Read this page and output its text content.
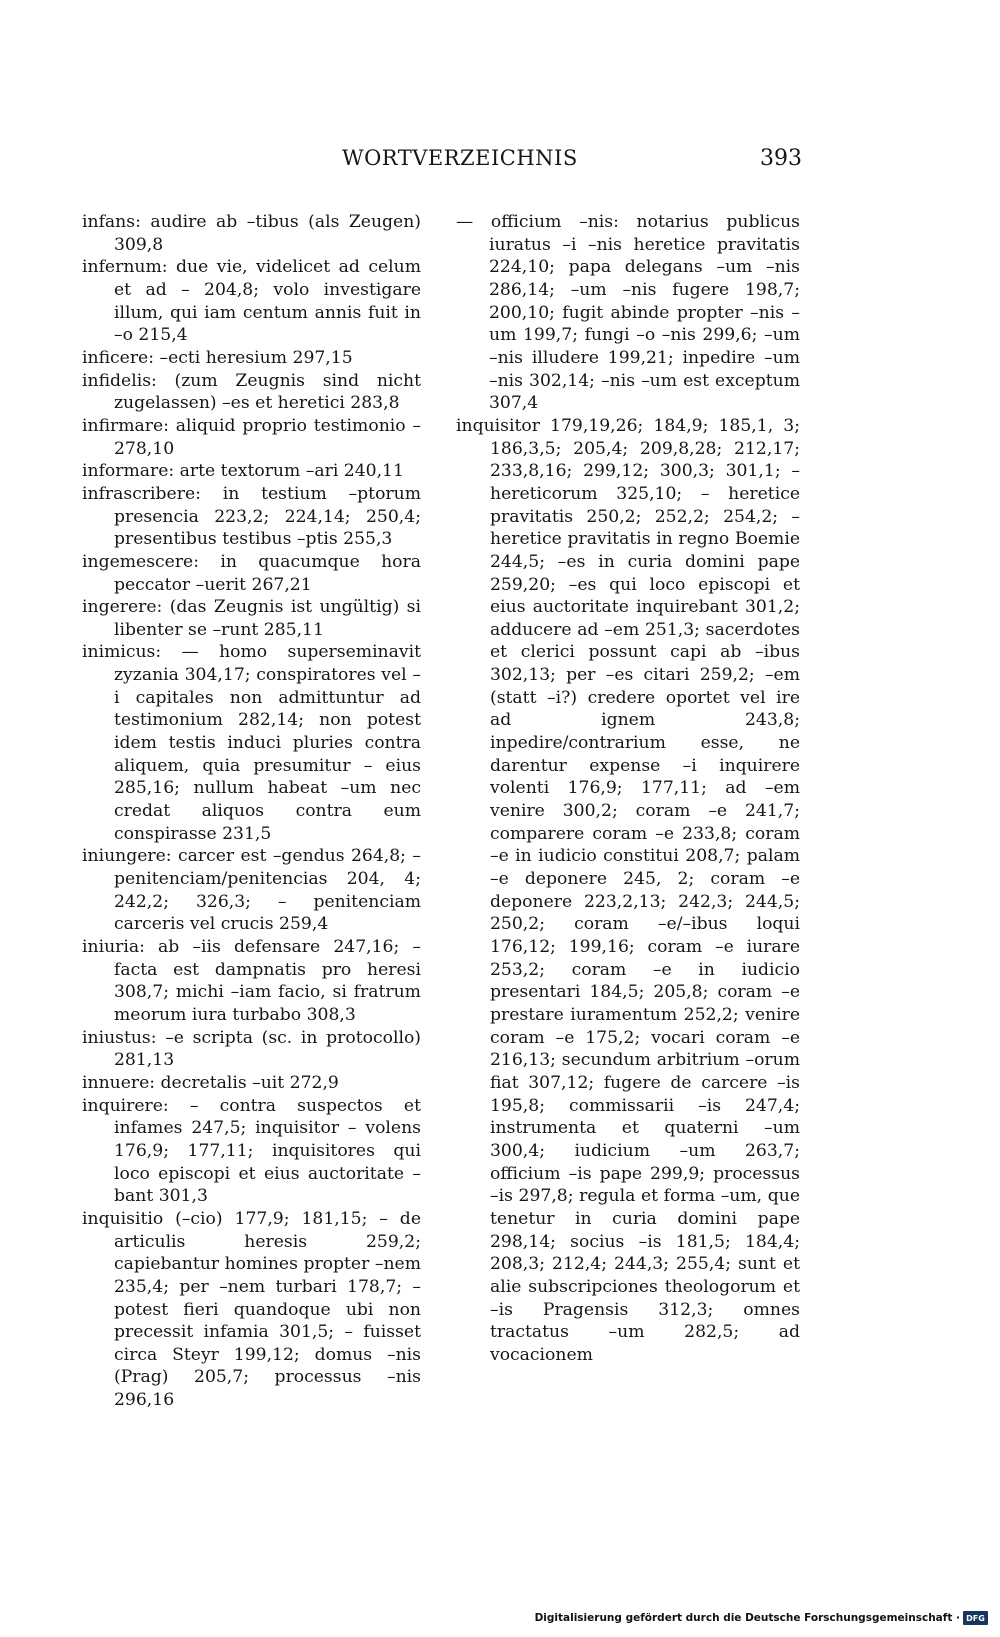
WORTVERZEICHNIS	393

infans: audire ab –tibus (als Zeugen) 309,8

infernum: due vie, videlicet ad celum et ad – 204,8; volo investigare illum, qui iam centum annis fuit in –o 215,4

inficere: –ecti heresium 297,15

infidelis: (zum Zeugnis sind nicht zugelassen) –es et heretici 283,8

infirmare: aliquid proprio testimonio – 278,10

informare: arte textorum –ari 240,11

infrascribere: in testium –ptorum presencia 223,2; 224,14; 250,4; presentibus testibus –ptis 255,3

ingemescere: in quacumque hora peccator –uerit 267,21

ingerere: (das Zeugnis ist ungültig) si libenter se –runt 285,11

inimicus: — homo superseminavit zyzania 304,17; conspiratores vel –i capitales non admittuntur ad testimonium 282,14; non potest idem testis induci pluries contra aliquem, quia presumitur – eius 285,16; nullum habeat –um nec credat aliquos contra eum conspirasse 231,5

iniungere: carcer est –gendus 264,8; – penitenciam/penitencias 204, 4; 242,2; 326,3; – penitenciam carceris vel crucis 259,4

iniuria: ab –iis defensare 247,16; – facta est dampnatis pro heresi 308,7; michi –iam facio, si fratrum meorum iura turbabo 308,3

iniustus: –e scripta (sc. in protocollo) 281,13

innuere: decretalis –uit 272,9

inquirere: – contra suspectos et infames 247,5; inquisitor – volens 176,9; 177,11; inquisitores qui loco episcopi et eius auctoritate –bant 301,3

inquisitio (–cio) 177,9; 181,15; – de articulis heresis 259,2; capiebantur homines propter –nem 235,4; per –nem turbari 178,7; – potest fieri quandoque ubi non precessit infamia 301,5; – fuisset circa Steyr 199,12; domus –nis (Prag) 205,7; processus –nis 296,16

— officium –nis: notarius publicus iuratus –i –nis heretice pravitatis 224,10; papa delegans –um –nis 286,14; –um –nis fugere 198,7; 200,10; fugit abinde propter –nis –um 199,7; fungi –o –nis 299,6; –um –nis illudere 199,21; inpedire –um –nis 302,14; –nis –um est exceptum 307,4

inquisitor 179,19,26; 184,9; 185,1, 3; 186,3,5; 205,4; 209,8,28; 212,17; 233,8,16; 299,12; 300,3; 301,1; – hereticorum 325,10; – heretice pravitatis 250,2; 252,2; 254,2; – heretice pravitatis in regno Boemie 244,5; –es in curia domini pape 259,20; –es qui loco episcopi et eius auctoritate inquirebant 301,2; adducere ad –em 251,3; sacerdotes et clerici possunt capi ab –ibus 302,13; per –es citari 259,2; –em (statt –i?) credere oportet vel ire ad ignem 243,8; inpedire/contrarium esse, ne darentur expense –i inquirere volenti 176,9; 177,11; ad –em venire 300,2; coram –e 241,7; comparere coram –e 233,8; coram –e in iudicio constitui 208,7; palam –e deponere 245, 2; coram –e deponere 223,2,13; 242,3; 244,5; 250,2; coram –e/–ibus loqui 176,12; 199,16; coram –e iurare 253,2; coram –e in iudicio presentari 184,5; 205,8; coram –e prestare iuramentum 252,2; venire coram –e 175,2; vocari coram –e 216,13; secundum arbitrium –orum fiat 307,12; fugere de carcere –is 195,8; commissarii –is 247,4; instrumenta et quaterni –um 300,4; iudicium –um 263,7; officium –is pape 299,9; processus –is 297,8; regula et forma –um, que tenetur in curia domini pape 298,14; socius –is 181,5; 184,4; 208,3; 212,4; 244,3; 255,4; sunt et alie subscripciones theologorum et –is Pragensis 312,3; omnes tractatus –um 282,5; ad vocacionem

Digitalisierung gefördert durch die Deutsche Forschungsgemeinschaft · DFG
